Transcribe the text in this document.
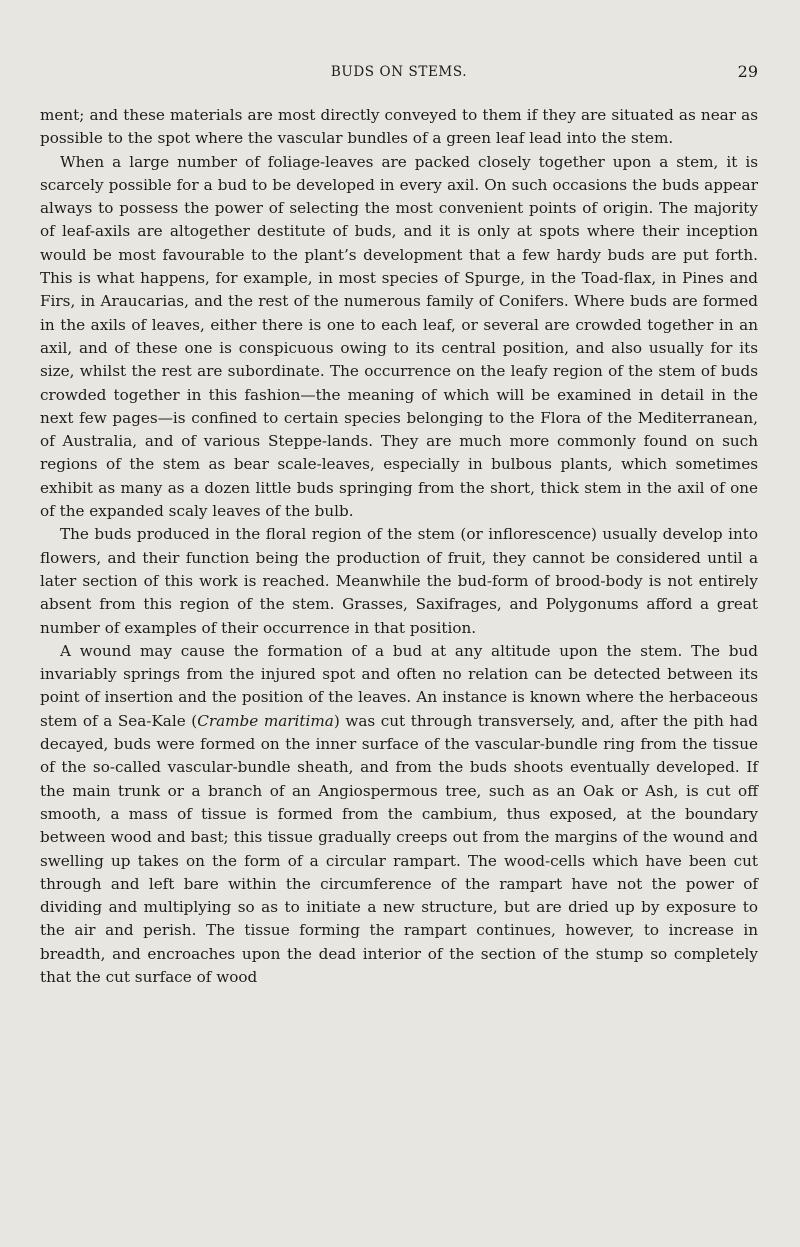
BUDS ON STEMS.	29

ment; and these materials are most directly conveyed to them if they are situated as near as possible to the spot where the vascular bundles of a green leaf lead into the stem.

When a large number of foliage-leaves are packed closely together upon a stem, it is scarcely possible for a bud to be developed in every axil. On such occasions the buds appear always to possess the power of selecting the most convenient points of origin. The majority of leaf-axils are altogether destitute of buds, and it is only at spots where their inception would be most favourable to the plant’s development that a few hardy buds are put forth. This is what happens, for example, in most species of Spurge, in the Toad-flax, in Pines and Firs, in Araucarias, and the rest of the numerous family of Conifers. Where buds are formed in the axils of leaves, either there is one to each leaf, or several are crowded together in an axil, and of these one is conspicuous owing to its central position, and also usually for its size, whilst the rest are subordinate. The occurrence on the leafy region of the stem of buds crowded together in this fashion—the meaning of which will be examined in detail in the next few pages—is confined to certain species belonging to the Flora of the Mediterranean, of Australia, and of various Steppe-lands. They are much more commonly found on such regions of the stem as bear scale-leaves, especially in bulbous plants, which sometimes exhibit as many as a dozen little buds springing from the short, thick stem in the axil of one of the expanded scaly leaves of the bulb.

The buds produced in the floral region of the stem (or inflorescence) usually develop into flowers, and their function being the production of fruit, they cannot be considered until a later section of this work is reached. Meanwhile the bud-form of brood-body is not entirely absent from this region of the stem. Grasses, Saxifrages, and Polygonums afford a great number of examples of their occurrence in that position.

A wound may cause the formation of a bud at any altitude upon the stem. The bud invariably springs from the injured spot and often no relation can be detected between its point of insertion and the position of the leaves. An instance is known where the herbaceous stem of a Sea-Kale (Crambe maritima) was cut through transversely, and, after the pith had decayed, buds were formed on the inner surface of the vascular-bundle ring from the tissue of the so-called vascular-bundle sheath, and from the buds shoots eventually developed. If the main trunk or a branch of an Angiospermous tree, such as an Oak or Ash, is cut off smooth, a mass of tissue is formed from the cambium, thus exposed, at the boundary between wood and bast; this tissue gradually creeps out from the margins of the wound and swelling up takes on the form of a circular rampart. The wood-cells which have been cut through and left bare within the circumference of the rampart have not the power of dividing and multiplying so as to initiate a new structure, but are dried up by exposure to the air and perish. The tissue forming the rampart continues, however, to increase in breadth, and encroaches upon the dead interior of the section of the stump so completely that the cut surface of wood
